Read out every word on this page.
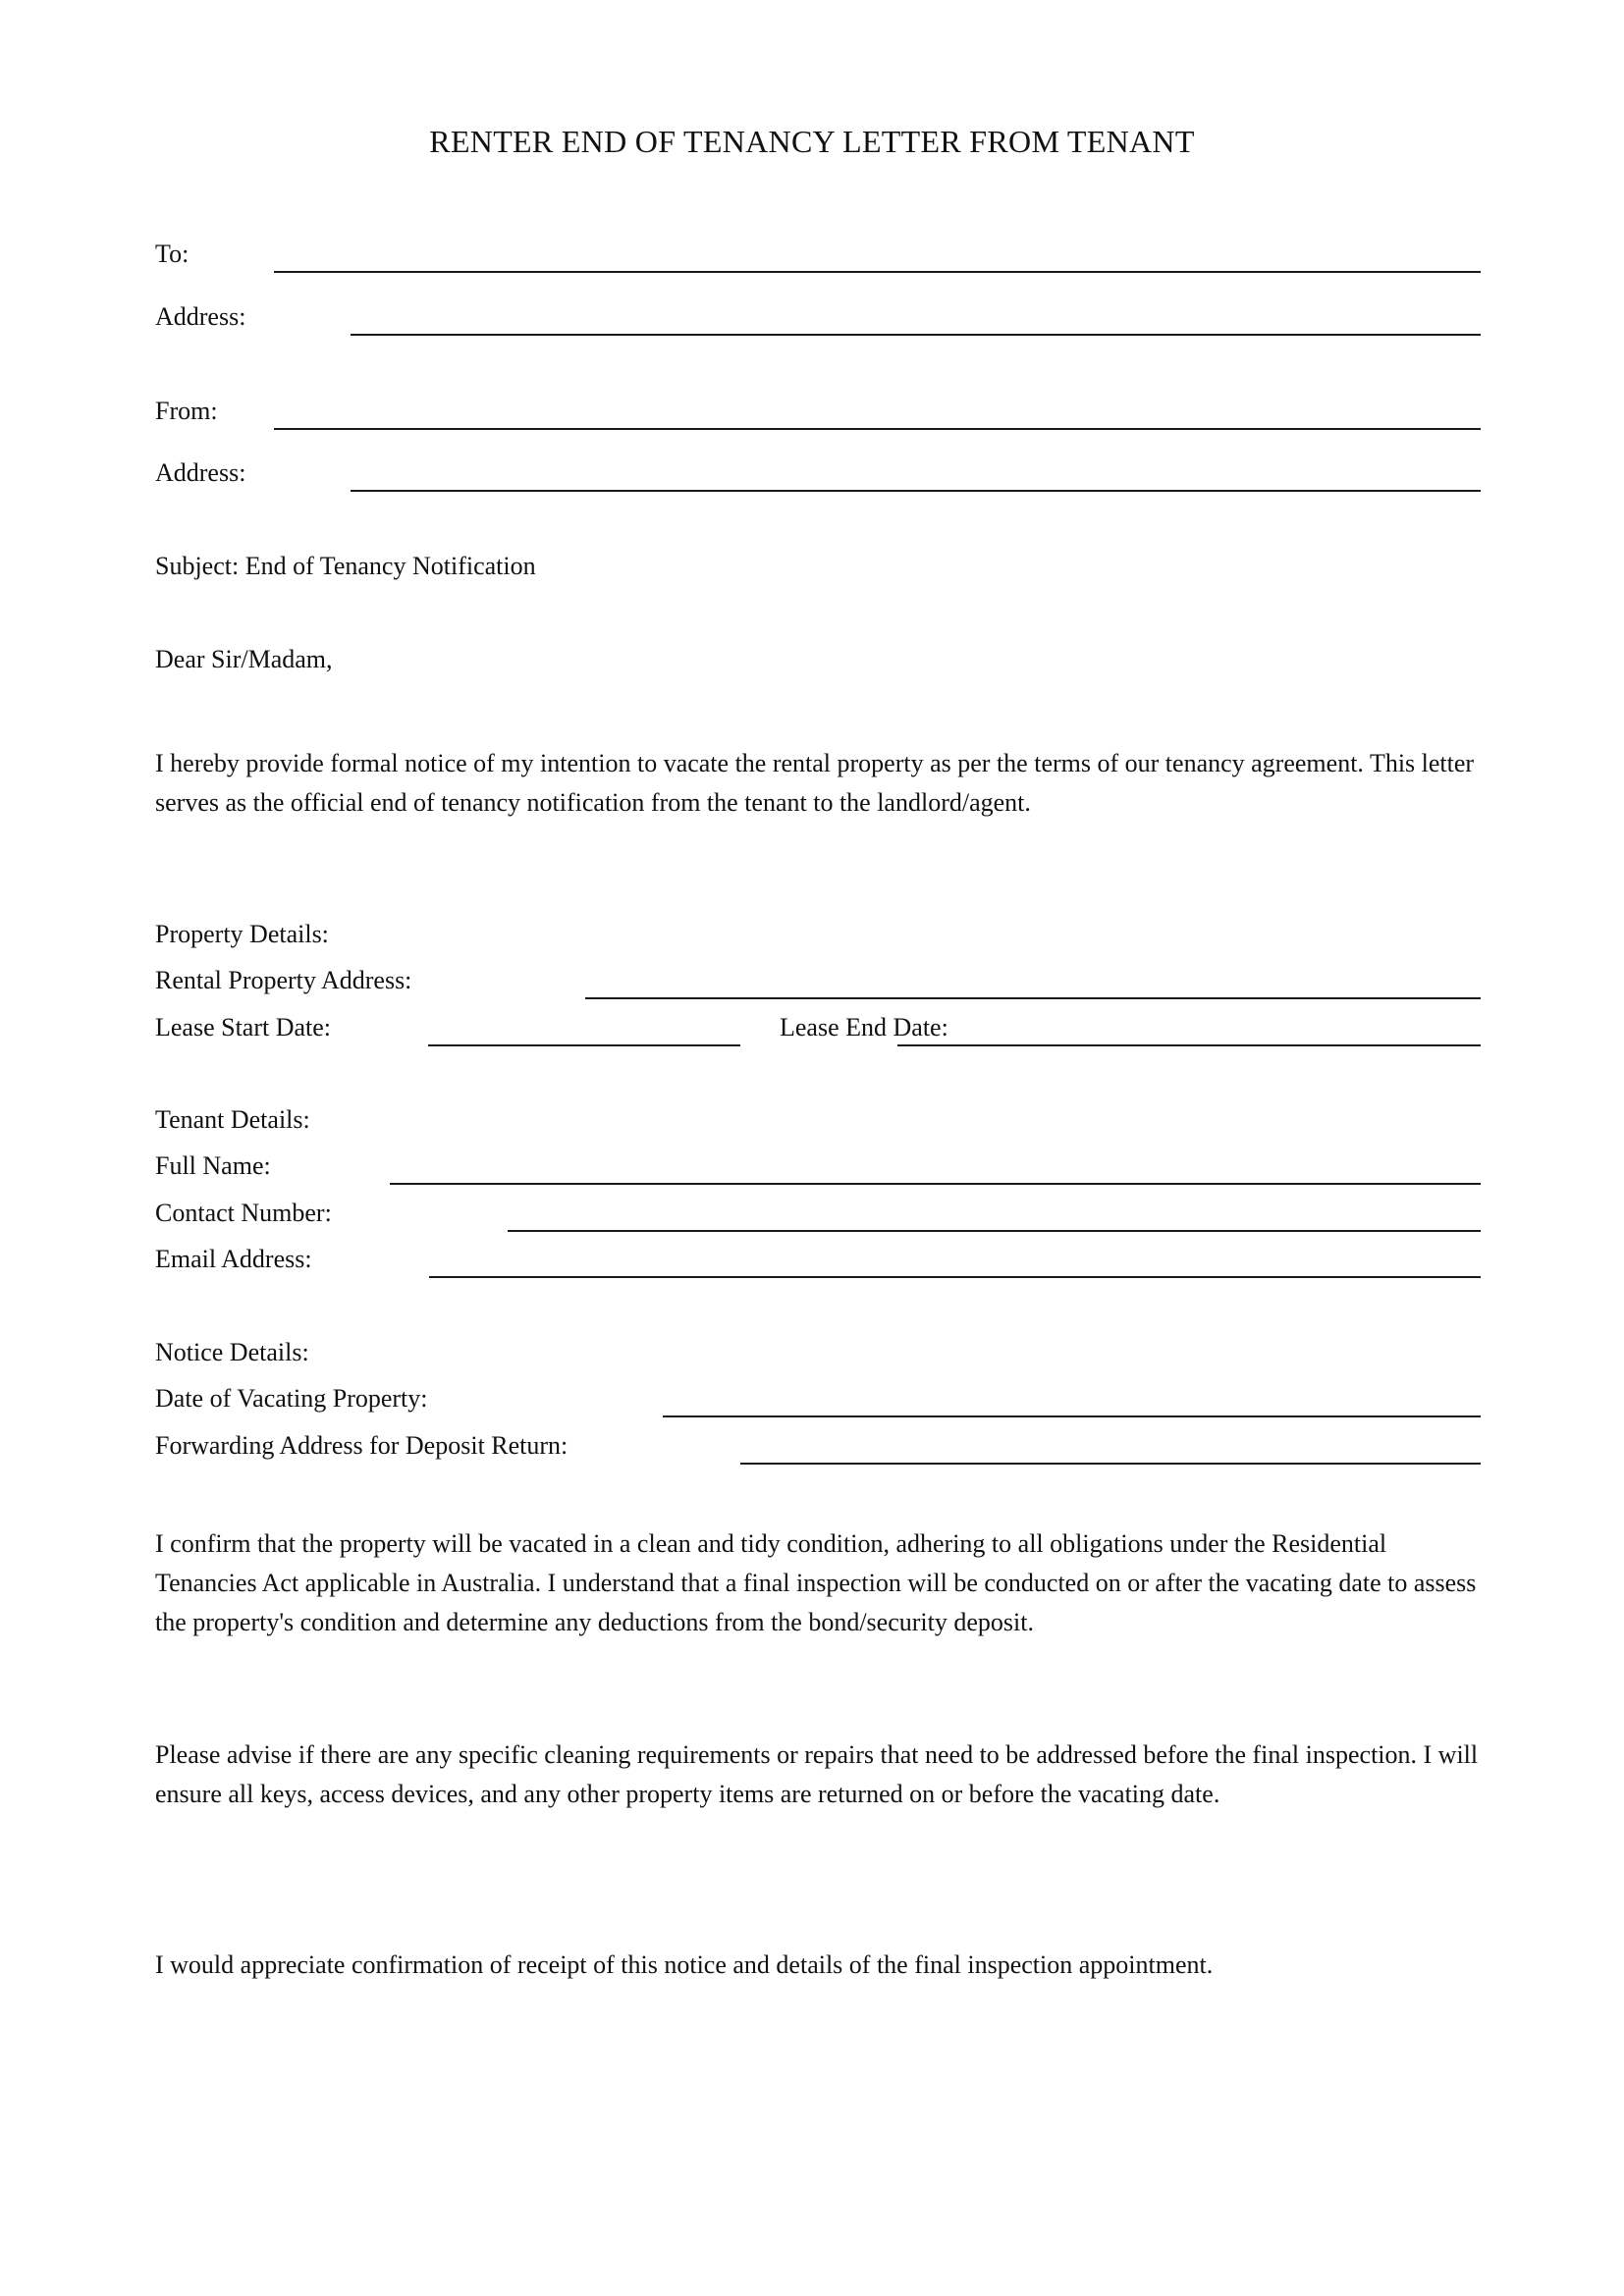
RENTER END OF TENANCY LETTER FROM TENANT
To:
Address:
From:
Address:
Subject: End of Tenancy Notification
Dear Sir/Madam,
I hereby provide formal notice of my intention to vacate the rental property as per the terms of our tenancy agreement. This letter serves as the official end of tenancy notification from the tenant to the landlord/agent.
Property Details:
Rental Property Address:
Lease Start Date:	Lease End Date:
Tenant Details:
Full Name:
Contact Number:
Email Address:
Notice Details:
Date of Vacating Property:
Forwarding Address for Deposit Return:
I confirm that the property will be vacated in a clean and tidy condition, adhering to all obligations under the Residential Tenancies Act applicable in Australia. I understand that a final inspection will be conducted on or after the vacating date to assess the property's condition and determine any deductions from the bond/security deposit.
Please advise if there are any specific cleaning requirements or repairs that need to be addressed before the final inspection. I will ensure all keys, access devices, and any other property items are returned on or before the vacating date.
I would appreciate confirmation of receipt of this notice and details of the final inspection appointment.
